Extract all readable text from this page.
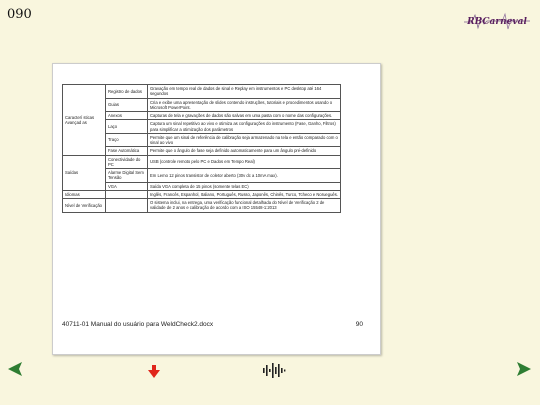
090	RBCarneval
Caracterí sticas Avançad as	Registro de dados	Gravação em tempo real de dados de sinal e Replay em instrumentos e PC desktop até 164 segundos
	Guias	Cria e exibe uma apresentação de slides contendo instruções, tutoriais e procedimentos usando o Microsoft PowerPoint.
	Anexos	Capturas de tela e gravações de dados são salvas em uma pasta com o nome das configurações.
	Laço	Captura um sinal repetitivo ao vivo e otimiza as configurações do instrumento (Fase, Ganho, Filtros) para simplificar a otimização dos parâmetros
	Traço	Permite que um sinal de referência de calibração seja armazenado na tela e então comparado com o sinal ao vivo
	Fase Automática	Permite que o ângulo de fase seja definido automaticamente para um ângulo pré-definido
Saídas	Conectividade do PC	USB (controle remoto pelo PC e Dados em Tempo Real)
	Alarme Digital Sem Tensão	Em Lemo 12 pinos transistor de coletor aberto (30v dc a 10mA max).
	VGA	Saída VGA completa de 15 pinos (somente telas EC)
Idiomas		Inglês, Francês, Espanhol, Italiano, Português, Russo, Japonês, Chinês, Turco, Tcheco e Norueguês.
Nível de Verificação		O sistema inclui, na entrega, uma verificação funcional detalhada do Nível de Verificação 2 de validade de 2 anos e calibração de acordo com a ISO 15548-1:2013
40711-01 Manual do usuário para WeldCheck2.docx	90
